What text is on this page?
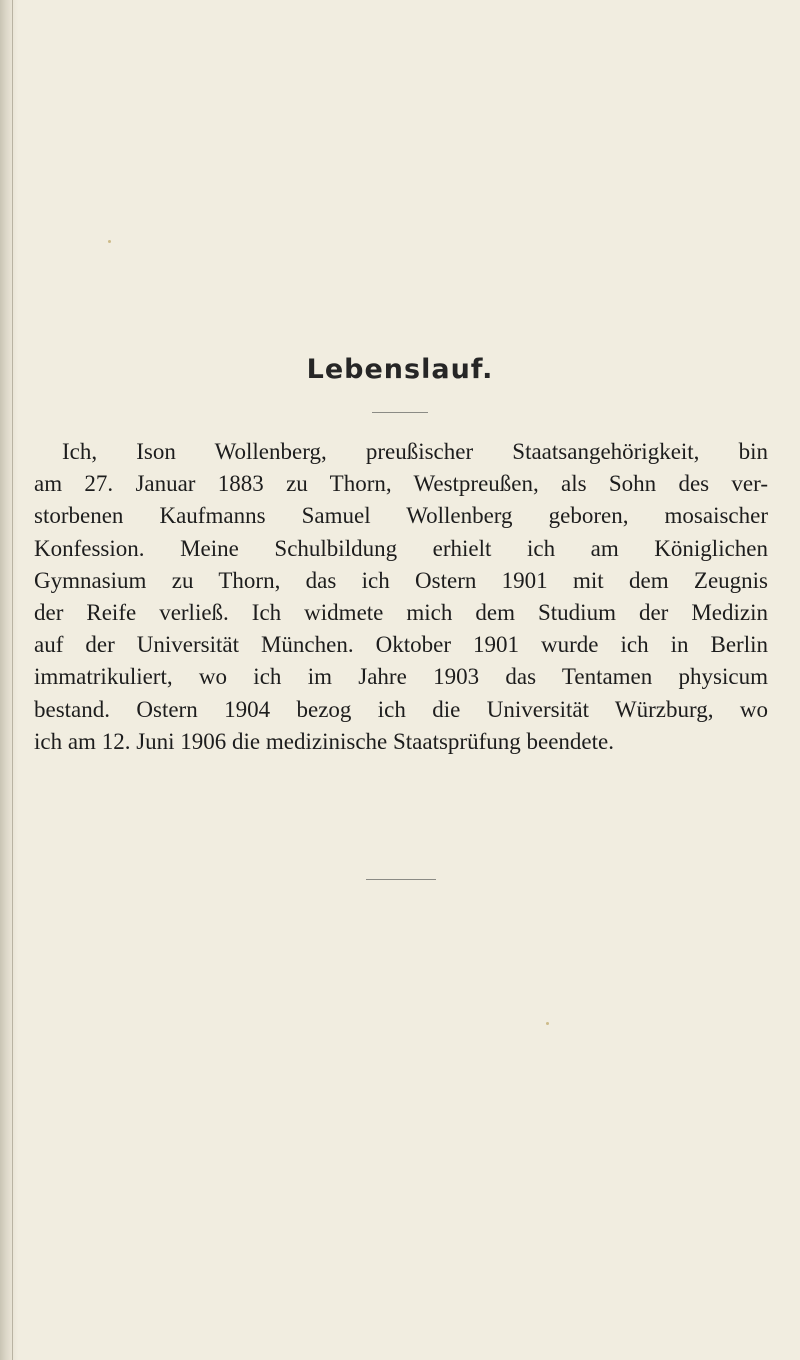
Lebenslauf.
Ich, Ison Wollenberg, preußischer Staatsangehörigkeit, bin
am 27. Januar 1883 zu Thorn, Westpreußen, als Sohn des ver-
storbenen Kaufmanns Samuel Wollenberg geboren, mosaischer
Konfession. Meine Schulbildung erhielt ich am Königlichen
Gymnasium zu Thorn, das ich Ostern 1901 mit dem Zeugnis
der Reife verließ. Ich widmete mich dem Studium der Medizin
auf der Universität München. Oktober 1901 wurde ich in Berlin
immatrikuliert, wo ich im Jahre 1903 das Tentamen physicum
bestand. Ostern 1904 bezog ich die Universität Würzburg, wo
ich am 12. Juni 1906 die medizinische Staatsprüfung beendete.
